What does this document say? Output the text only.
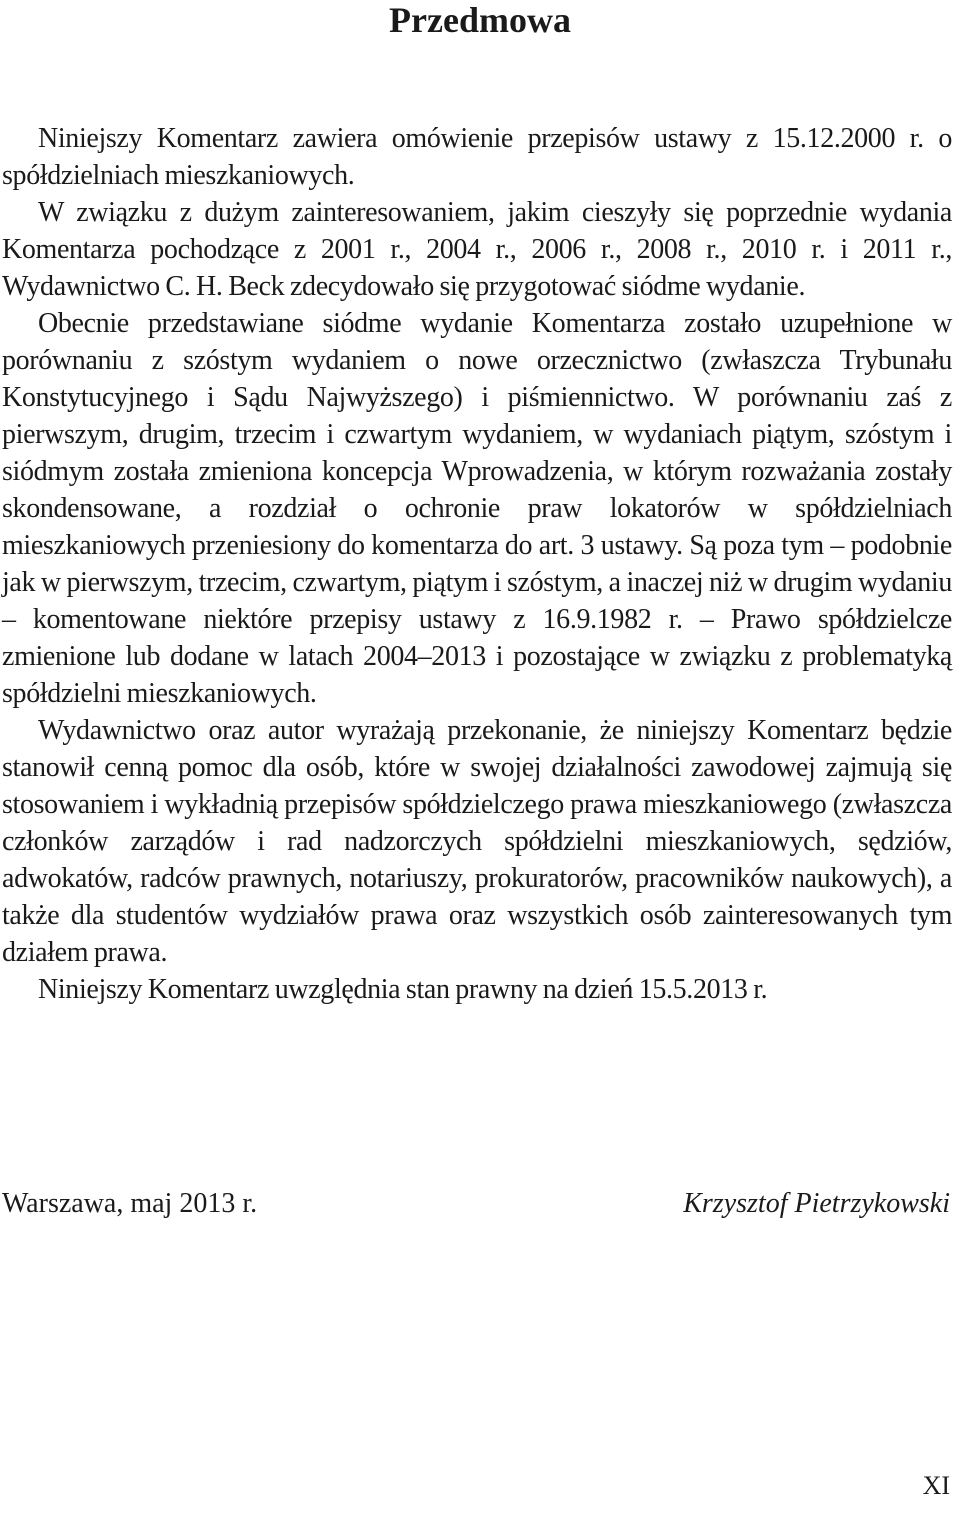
Przedmowa

Niniejszy Komentarz zawiera omówienie przepisów ustawy z 15.12.2000 r. o spółdzielniach mieszkaniowych.

W związku z dużym zainteresowaniem, jakim cieszyły się poprzednie wydania Komentarza pochodzące z 2001 r., 2004 r., 2006 r., 2008 r., 2010 r. i 2011 r., Wydawnictwo C. H. Beck zdecydowało się przygotować siódme wydanie.

Obecnie przedstawiane siódme wydanie Komentarza zostało uzupełnione w porównaniu z szóstym wydaniem o nowe orzecznictwo (zwłaszcza Trybunału Konstytucyjnego i Sądu Najwyższego) i piśmiennictwo. W porównaniu zaś z pierwszym, drugim, trzecim i czwartym wydaniem, w wydaniach piątym, szóstym i siódmym została zmieniona koncepcja Wprowadzenia, w którym rozważania zostały skondensowane, a rozdział o ochronie praw lokatorów w spółdzielniach mieszkaniowych przeniesiony do komentarza do art. 3 ustawy. Są poza tym – podobnie jak w pierwszym, trzecim, czwartym, piątym i szóstym, a inaczej niż w drugim wydaniu – komentowane niektóre przepisy ustawy z 16.9.1982 r. – Prawo spółdzielcze zmienione lub dodane w latach 2004–2013 i pozostające w związku z problematyką spółdzielni mieszkaniowych.

Wydawnictwo oraz autor wyrażają przekonanie, że niniejszy Komentarz będzie stanowił cenną pomoc dla osób, które w swojej działalności zawodowej zajmują się stosowaniem i wykładnią przepisów spółdzielczego prawa mieszkaniowego (zwłaszcza członków zarządów i rad nadzorczych spółdzielni mieszkaniowych, sędziów, adwokatów, radców prawnych, notariuszy, prokuratorów, pracowników naukowych), a także dla studentów wydziałów prawa oraz wszystkich osób zainteresowanych tym działem prawa.

Niniejszy Komentarz uwzględnia stan prawny na dzień 15.5.2013 r.

Warszawa, maj 2013 r.	Krzysztof Pietrzykowski
XI
